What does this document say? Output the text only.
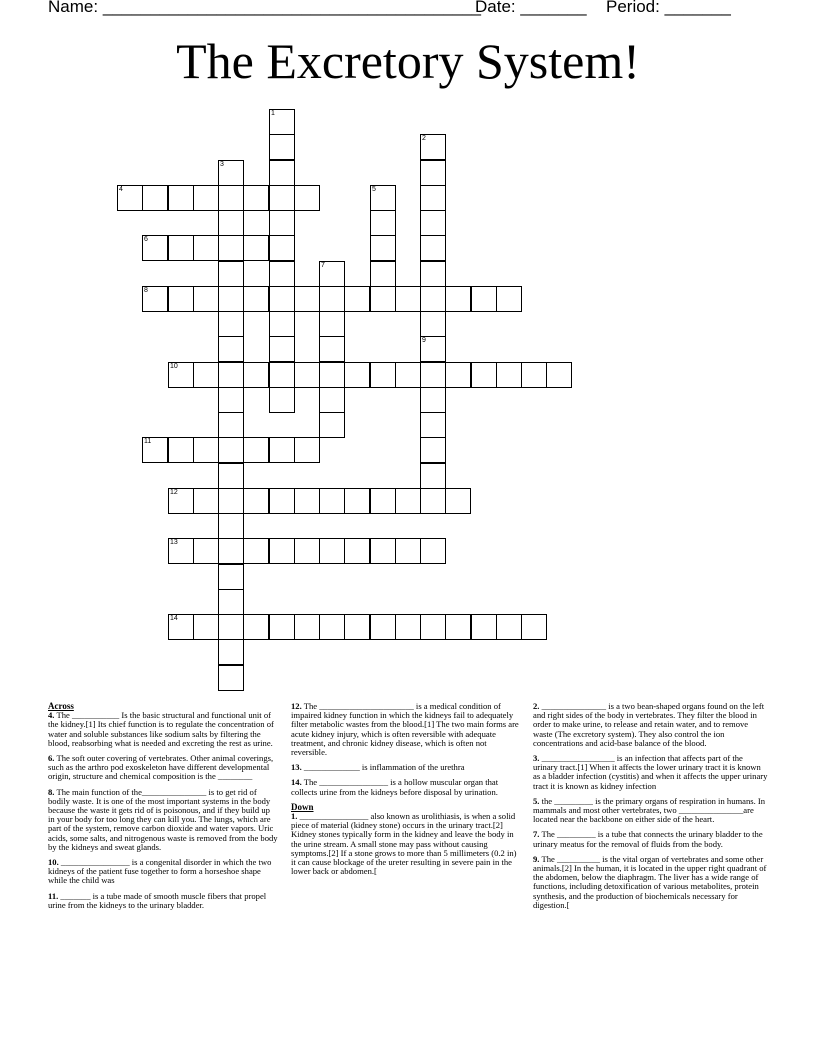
Name: ________________________________________
Date: _______ Period: _______
The Excretory System!
4
6
8
10
11
12
13
14
1
2
9
3
5
7
Across

4. The ___________ Is the basic structural and functional unit of the kidney.[1] Its chief function is to regulate the concentration of water and soluble substances like sodium salts by filtering the blood, reabsorbing what is needed and excreting the rest as urine.

6. The soft outer covering of vertebrates. Other animal coverings, such as the arthro pod exoskeleton have different developmental origin, structure and chemical composition is the ________

8. The main function of the_______________ is to get rid of bodily waste. It is one of the most important systems in the body because the waste it gets rid of is poisonous, and if they build up in your body for too long they can kill you. The lungs, which are part of the system, remove carbon dioxide and water vapors. Uric acids, some salts, and nitrogenous waste is removed from the body by the kidneys and sweat glands.

10. ________________ is a congenital disorder in which the two kidneys of the patient fuse together to form a horseshoe shape while the child was

11. _______ is a tube made of smooth muscle fibers that propel urine from the kidneys to the urinary bladder.

12. The ______________________ is a medical condition of impaired kidney function in which the kidneys fail to adequately filter metabolic wastes from the blood.[1] The two main forms are acute kidney injury, which is often reversible with adequate treatment, and chronic kidney disease, which is often not reversible.

13. _____________ is inflammation of the urethra

14. The ________________ is a hollow muscular organ that collects urine from the kidneys before disposal by urination.

Down

1. ________________ also known as urolithiasis, is when a solid piece of material (kidney stone) occurs in the urinary tract.[2] Kidney stones typically form in the kidney and leave the body in the urine stream. A small stone may pass without causing symptoms.[2] If a stone grows to more than 5 millimeters (0.2 in) it can cause blockage of the ureter resulting in severe pain in the lower back or abdomen.[

2. _______________ is a two bean-shaped organs found on the left and right sides of the body in vertebrates. They filter the blood in order to make urine, to release and retain water, and to remove waste (The excretory system). They also control the ion concentrations and acid-base balance of the blood.

3. _________________ is an infection that affects part of the urinary tract.[1] When it affects the lower urinary tract it is known as a bladder infection (cystitis) and when it affects the upper urinary tract it is known as kidney infection

5. the _________ is the primary organs of respiration in humans. In mammals and most other vertebrates, two _______________are located near the backbone on either side of the heart.

7. The _________ is a tube that connects the urinary bladder to the urinary meatus for the removal of fluids from the body.

9. The __________ is the vital organ of vertebrates and some other animals.[2] In the human, it is located in the upper right quadrant of the abdomen, below the diaphragm. The liver has a wide range of functions, including detoxification of various metabolites, protein synthesis, and the production of biochemicals necessary for digestion.[
